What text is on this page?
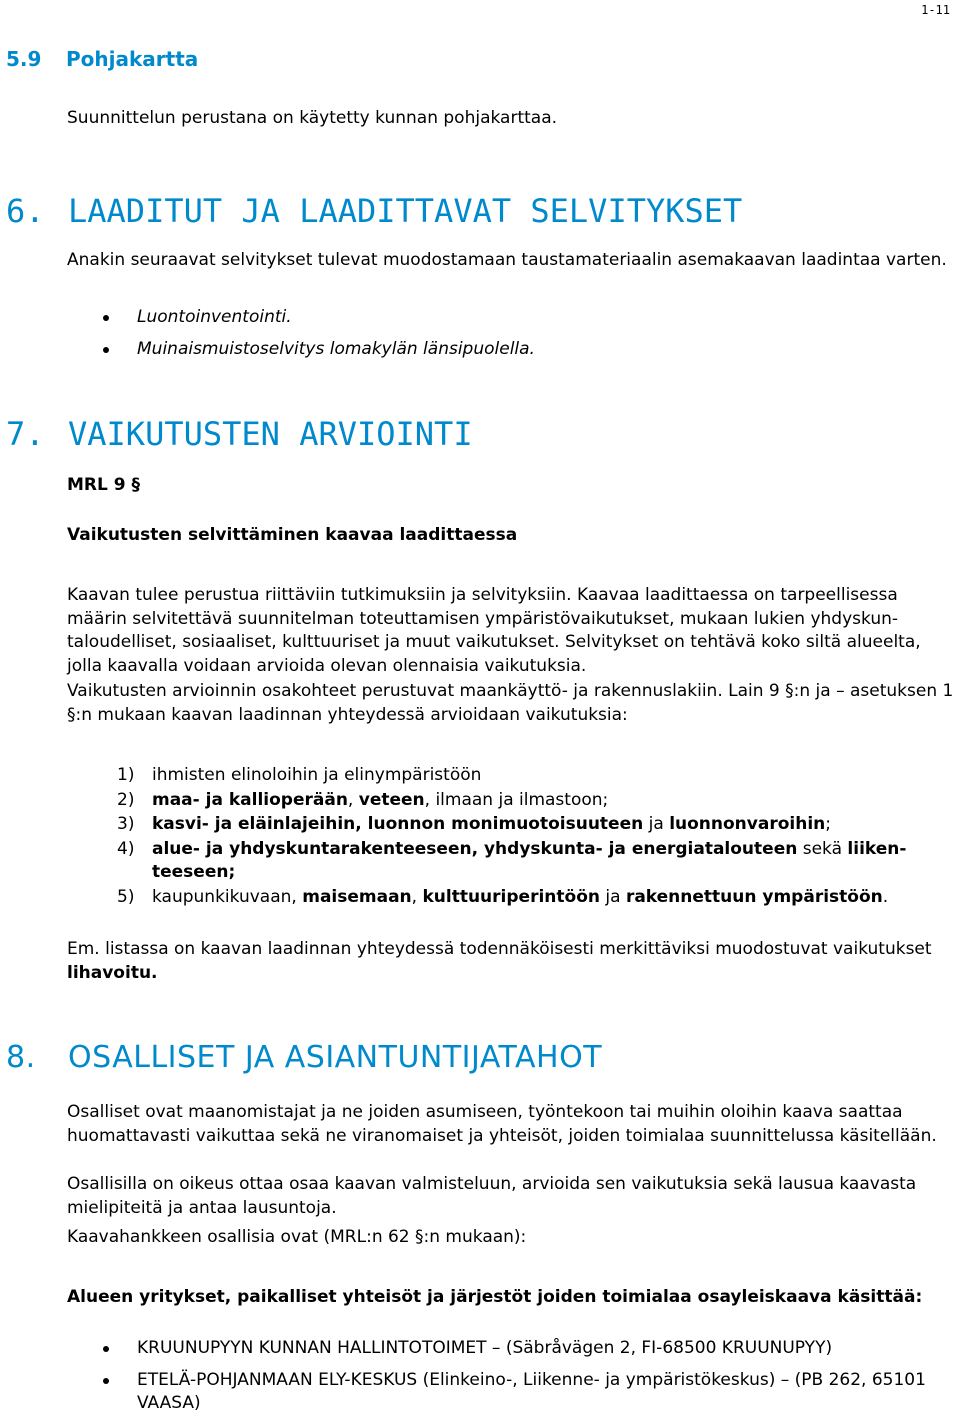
1-11
5.9 Pohjakartta

Suunnittelun perustana on käytetty kunnan pohjakarttaa.

6. LAADITUT JA LAADITTAVAT SELVITYKSET

Anakin seuraavat selvitykset tulevat muodostamaan taustamateriaalin asemakaavan laadintaa varten.

Luontoinventointi.
Muinaismuistoselvitys lomakylän länsipuolella.
7. VAIKUTUSTEN ARVIOINTI

MRL 9 §

Vaikutusten selvittäminen kaavaa laadittaessa

Kaavan tulee perustua riittäviin tutkimuksiin ja selvityksiin. Kaavaa laadittaessa on tarpeellisessa määrin selvitettävä suunnitelman toteuttamisen ympäristövaikutukset, mukaan lukien yhdyskuntaloudelliset, sosiaaliset, kulttuuriset ja muut vaikutukset. Selvitykset on tehtävä koko siltä alueelta, jolla kaavalla voidaan arvioida olevan olennaisia vaikutuksia.

Vaikutusten arvioinnin osakohteet perustuvat maankäyttö- ja rakennuslakiin. Lain 9 §:n ja – asetuksen 1 §:n mukaan kaavan laadinnan yhteydessä arvioidaan vaikutuksia:

1) ihmisten elinoloihin ja elinympäristöön
2) maa- ja kallioperään, veteen, ilmaan ja ilmastoon;
3) kasvi- ja eläinlajeihin, luonnon monimuotoisuuteen ja luonnonvaroihin;
4) alue- ja yhdyskuntarakenteeseen, yhdyskunta- ja energiatalouteen sekä liikenteeseen;
5) kaupunkikuvaan, maisemaan, kulttuuriperintöön ja rakennettuun ympäristöön.

Em. listassa on kaavan laadinnan yhteydessä todennäköisesti merkittäviksi muodostuvat vaikutukset lihavoitu.

8. OSALLISET JA ASIANTUNTIJATAHOT

Osalliset ovat maanomistajat ja ne joiden asumiseen, työntekoon tai muihin oloihin kaava saattaa huomattavasti vaikuttaa sekä ne viranomaiset ja yhteisöt, joiden toimialaa suunnittelussa käsitellään.

Osallisilla on oikeus ottaa osaa kaavan valmisteluun, arvioida sen vaikutuksia sekä lausua kaavasta mielipiteitä ja antaa lausuntoja.

Kaavahankkeen osallisia ovat (MRL:n 62 §:n mukaan):

Alueen yritykset, paikalliset yhteisöt ja järjestöt joiden toimialaa osayleiskaava käsittää:

KRUUNUPYYN KUNNAN HALLINTOTOIMET – (Säbråvägen 2, FI-68500 KRUUNUPYY)
ETELÄ-POHJANMAAN ELY-KESKUS (Elinkeino-, Liikenne- ja ympäristökeskus) – (PB 262, 65101 VAASA)
